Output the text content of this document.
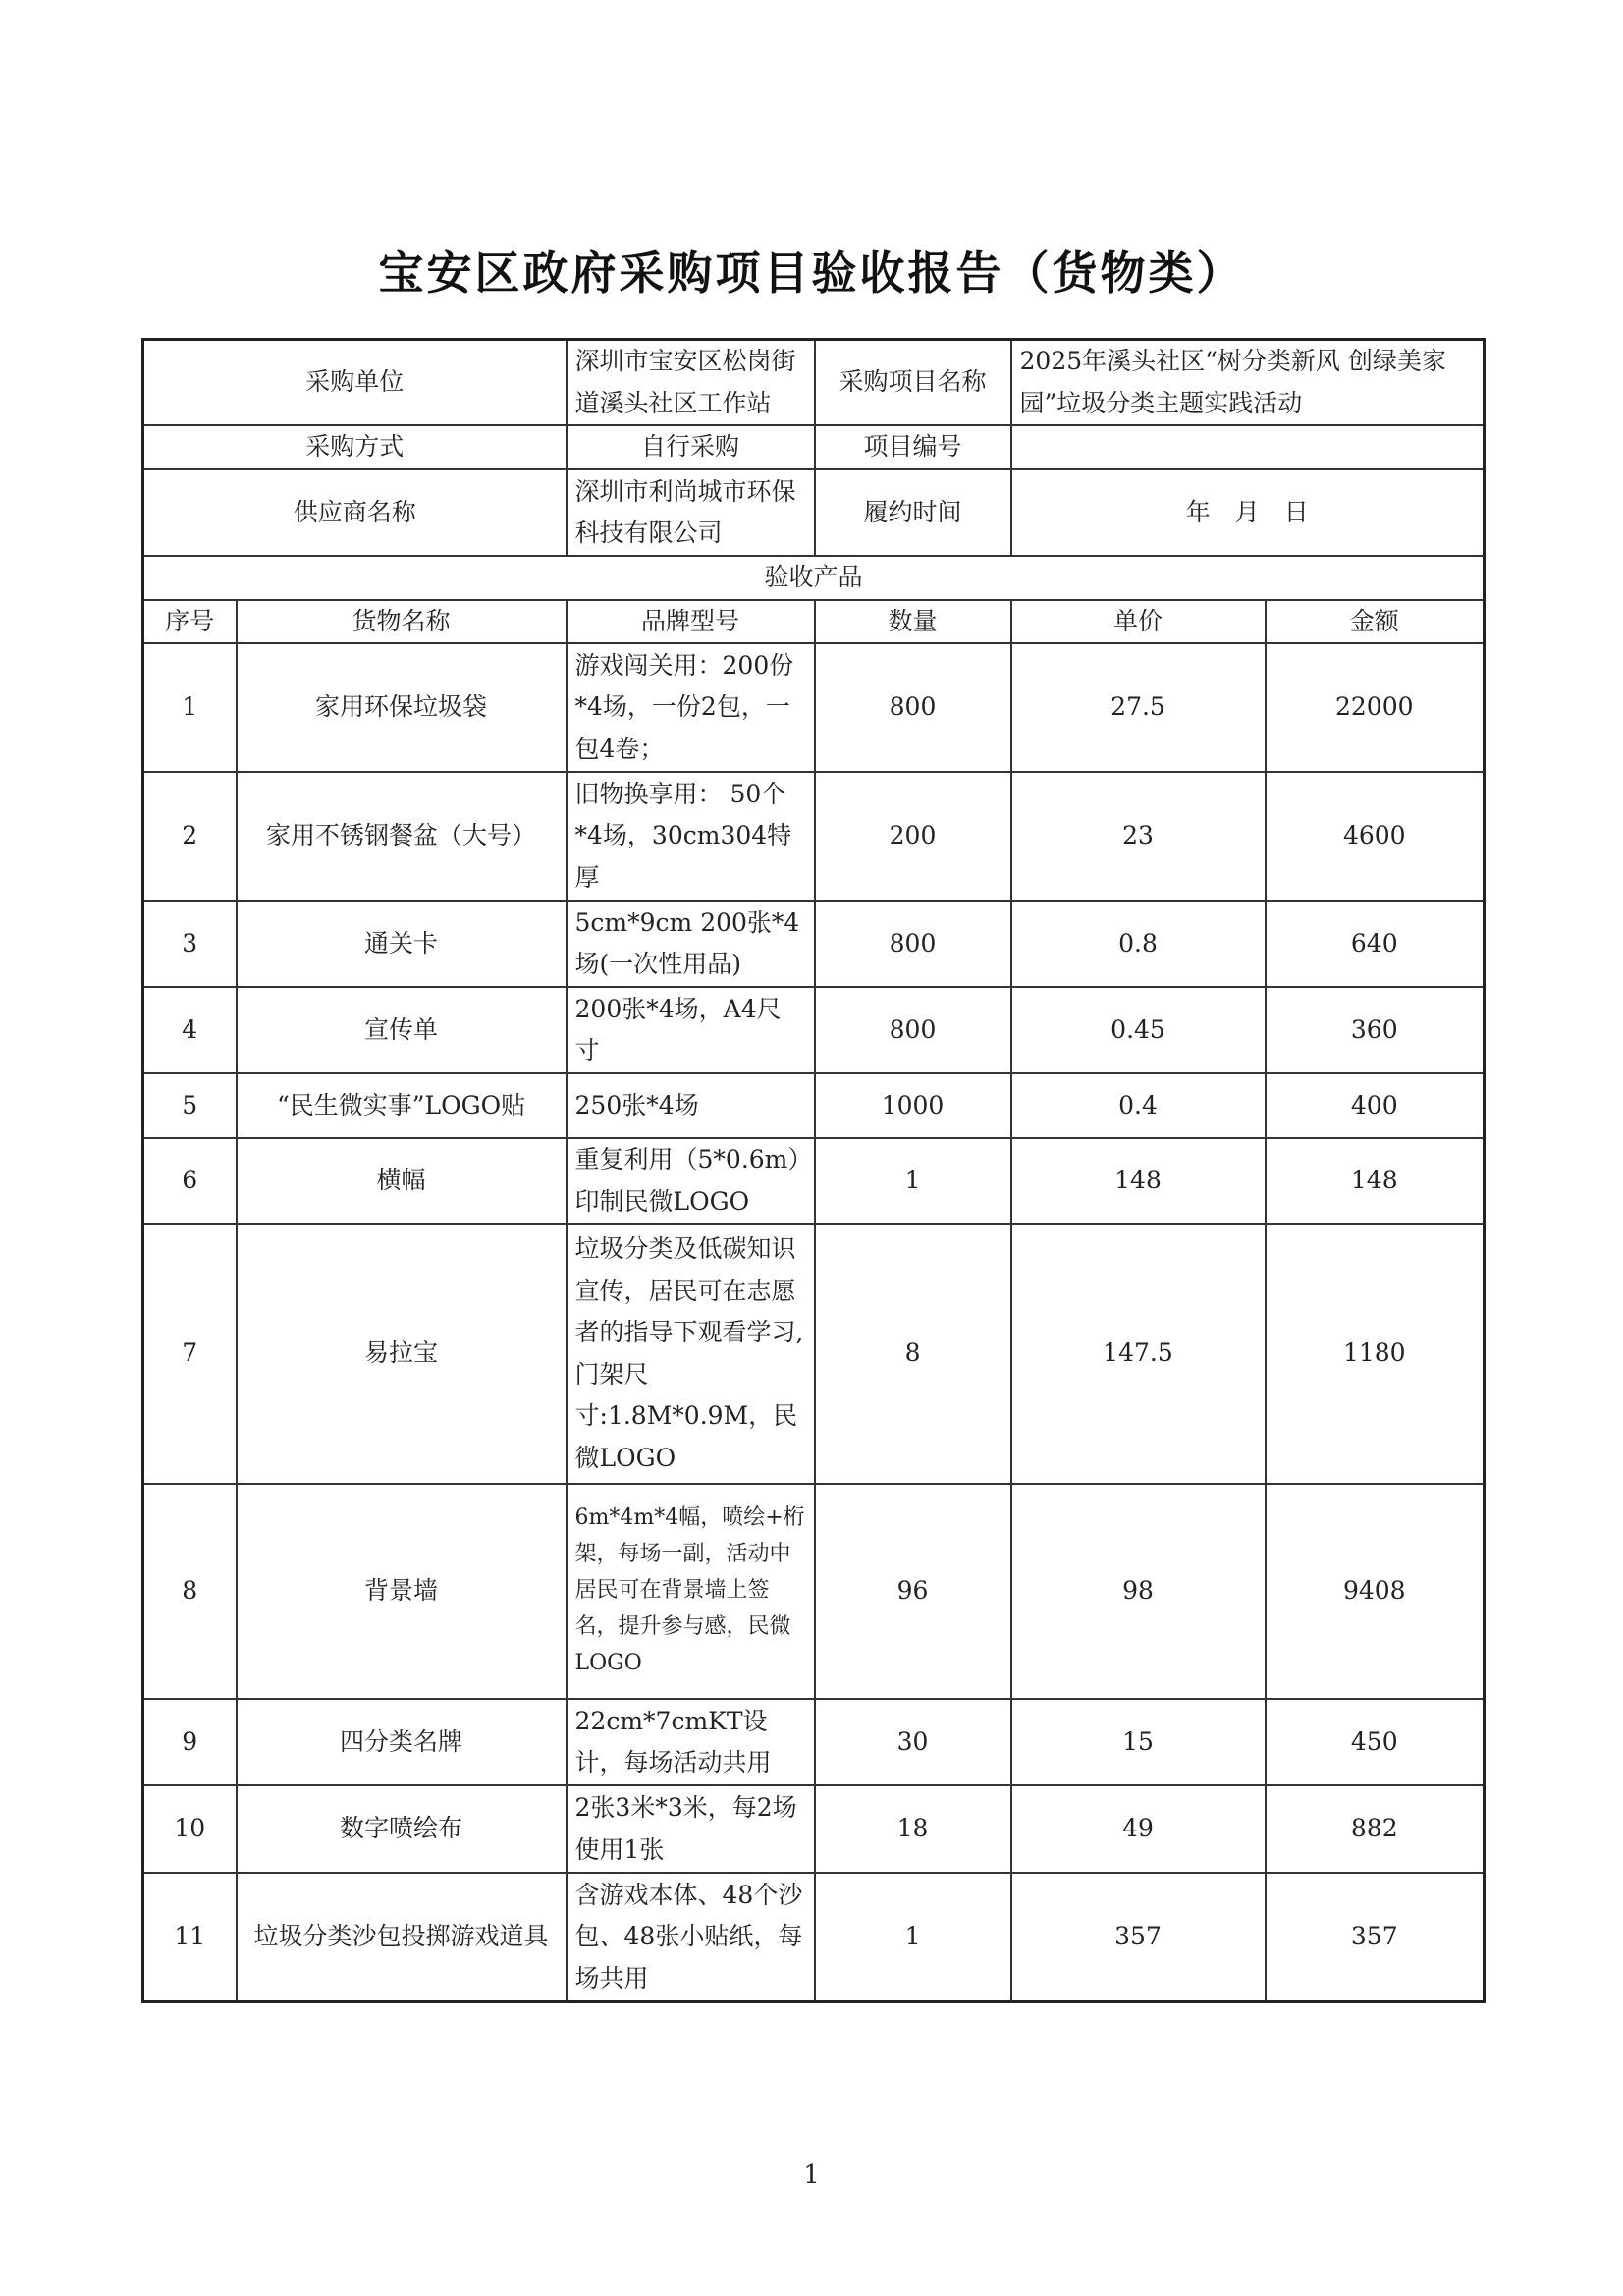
宝安区政府采购项目验收报告（货物类）
采购单位		深圳市宝安区松岗街道溪头社区工作站	采购项目名称	2025年溪头社区“树分类新风 创绿美家园”垃圾分类主题实践活动	
采购方式		自行采购	项目编号		
供应商名称		深圳市利尚城市环保科技有限公司	履约时间	年　月　日	
验收产品					
序号	货物名称	品牌型号	数量	单价	金额
1	家用环保垃圾袋	游戏闯关用：200份*4场，一份2包，一包4卷；	800	27.5	22000
2	家用不锈钢餐盆（大号）	旧物换享用： 50个*4场，30cm304特厚	200	23	4600
3	通关卡	5cm*9cm 200张*4场(一次性用品)	800	0.8	640
4	宣传单	200张*4场，A4尺寸	800	0.45	360
5	“民生微实事”LOGO贴	250张*4场	1000	0.4	400
6	横幅	重复利用（5*0.6m）印制民微LOGO	1	148	148
7	易拉宝	垃圾分类及低碳知识宣传，居民可在志愿者的指导下观看学习,门架尺寸:1.8M*0.9M，民微LOGO	8	147.5	1180
8	背景墙	6m*4m*4幅，喷绘+桁架，每场一副，活动中居民可在背景墙上签名，提升参与感，民微LOGO	96	98	9408
9	四分类名牌	22cm*7cmKT设计，每场活动共用	30	15	450
10	数字喷绘布	2张3米*3米，每2场使用1张	18	49	882
11	垃圾分类沙包投掷游戏道具	含游戏本体、48个沙包、48张小贴纸，每场共用	1	357	357
1
